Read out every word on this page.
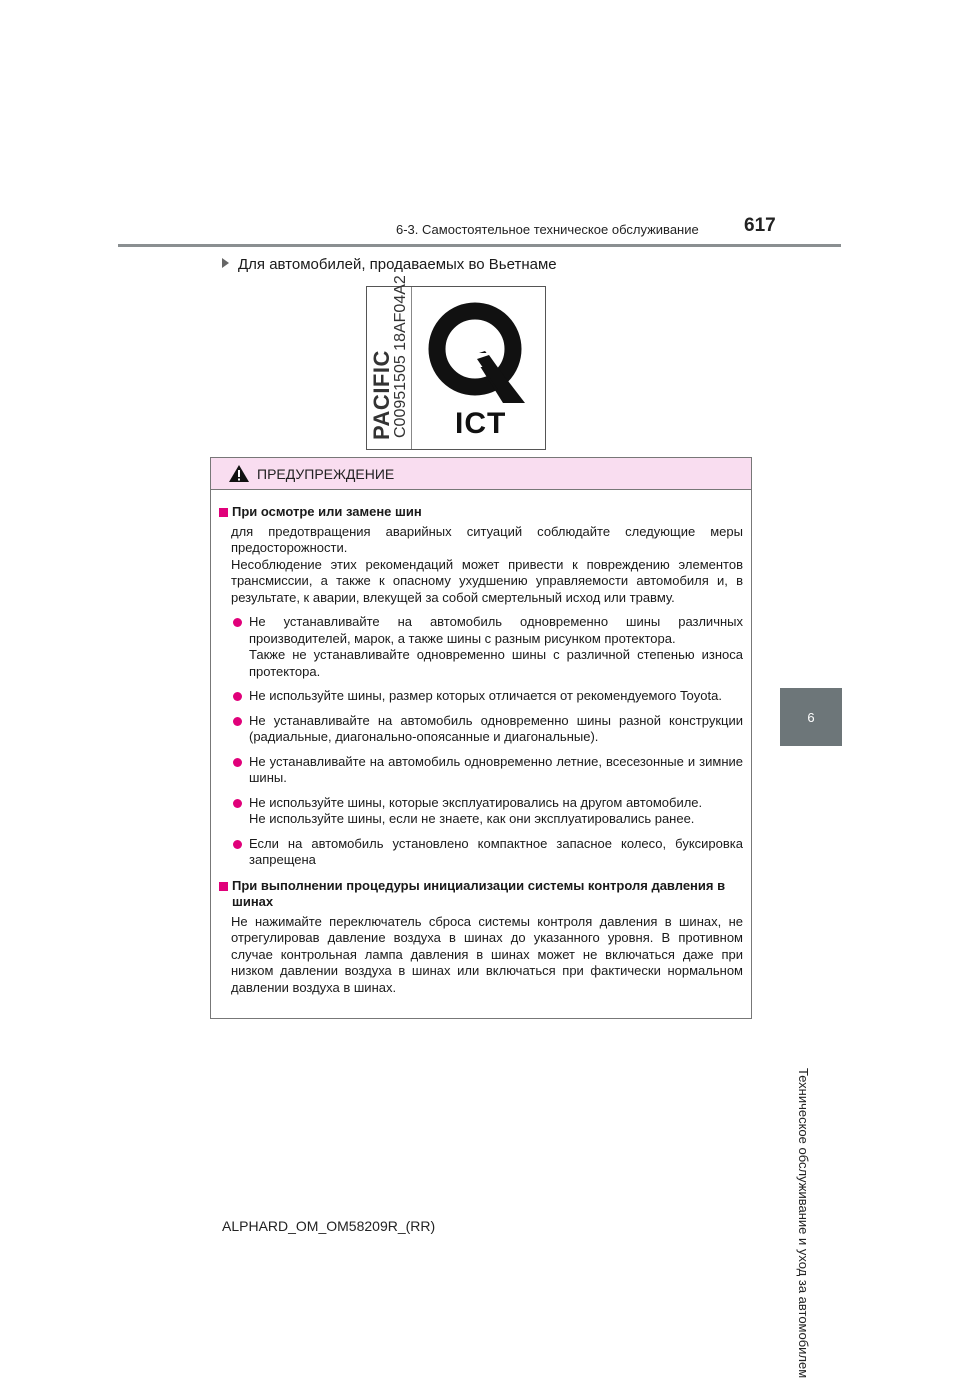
6-3. Самостоятельное техническое обслуживание 617
6
Техническое обслуживание и уход за автомобилем
Для автомобилей, продаваемых во Вьетнаме
PACIFIC
C00951505 18AF04A2 ICT
ПРЕДУПРЕЖДЕНИЕ
При осмотре или замене шин
для предотвращения аварийных ситуаций соблюдайте следующие меры предосторожности.
Несоблюдение этих рекомендаций может привести к повреждению элементов трансмиссии, а также к опасному ухудшению управляемости автомобиля и, в результате, к аварии, влекущей за собой смертельный исход или травму.
Не устанавливайте на автомобиль одновременно шины различных производителей, марок, а также шины с разным рисунком протектора.
Также не устанавливайте одновременно шины с различной степенью износа протектора.
Не используйте шины, размер которых отличается от рекомендуемого Toyota.
Не устанавливайте на автомобиль одновременно шины разной конструкции (радиальные, диагонально-опоясанные и диагональные).
Не устанавливайте на автомобиль одновременно летние, всесезонные и зимние шины.
Не используйте шины, которые эксплуатировались на другом автомобиле.
Не используйте шины, если не знаете, как они эксплуатировались ранее.
Если на автомобиль установлено компактное запасное колесо, буксировка запрещена
При выполнении процедуры инициализации системы контроля давления в шинах
Не нажимайте переключатель сброса системы контроля давления в шинах, не отрегулировав давление воздуха в шинах до указанного уровня. В противном случае контрольная лампа давления в шинах может не включаться даже при низком давлении воздуха в шинах или включаться при фактически нормальном давлении воздуха в шинах.
ALPHARD_OM_OM58209R_(RR)
